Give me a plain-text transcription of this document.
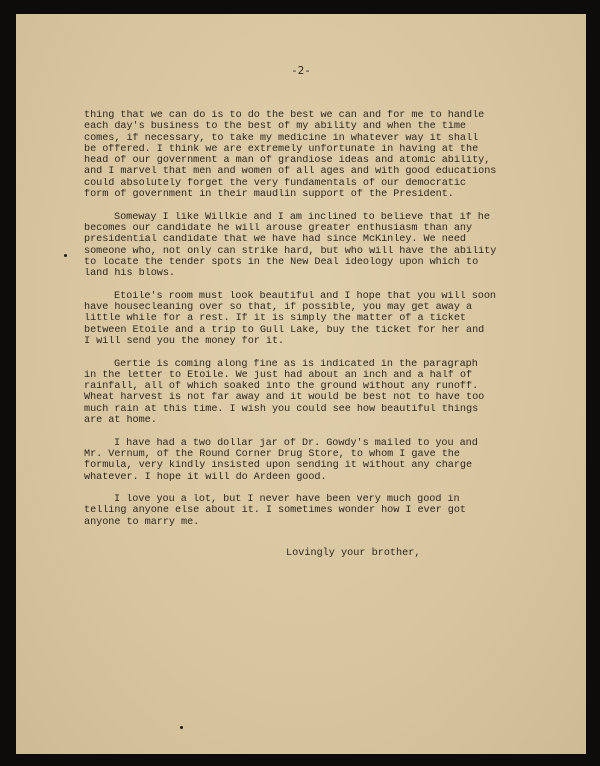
-2-
thing that we can do is to do the best we can and for me to handle
each day's business to the best of my ability and when the time
comes, if necessary, to take my medicine in whatever way it shall
be offered. I think we are extremely unfortunate in having at the
head of our government a man of grandiose ideas and atomic ability,
and I marvel that men and women of all ages and with good educations
could absolutely forget the very fundamentals of our democratic
form of government in their maudlin support of the President.
Someway I like Willkie and I am inclined to believe that if he
becomes our candidate he will arouse greater enthusiasm than any
presidential candidate that we have had since McKinley. We need
someone who, not only can strike hard, but who will have the ability
to locate the tender spots in the New Deal ideology upon which to
land his blows.
Etoile's room must look beautiful and I hope that you will soon
have housecleaning over so that, if possible, you may get away a
little while for a rest. If it is simply the matter of a ticket
between Etoile and a trip to Gull Lake, buy the ticket for her and
I will send you the money for it.
Gertie is coming along fine as is indicated in the paragraph
in the letter to Etoile. We just had about an inch and a half of
rainfall, all of which soaked into the ground without any runoff.
Wheat harvest is not far away and it would be best not to have too
much rain at this time. I wish you could see how beautiful things
are at home.
I have had a two dollar jar of Dr. Gowdy's mailed to you and
Mr. Vernum, of the Round Corner Drug Store, to whom I gave the
formula, very kindly insisted upon sending it without any charge
whatever. I hope it will do Ardeen good.
I love you a lot, but I never have been very much good in
telling anyone else about it. I sometimes wonder how I ever got
anyone to marry me.
Lovingly your brother,
